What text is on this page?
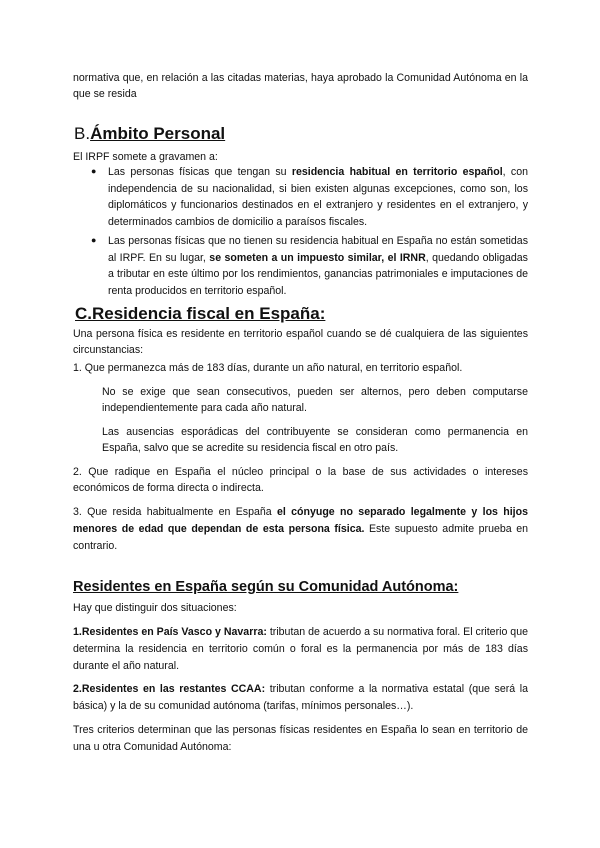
normativa que, en relación a las citadas materias, haya aprobado la Comunidad Autónoma en la que se resida

B.Ámbito Personal

El IRPF somete a gravamen a:

● Las personas físicas que tengan su residencia habitual en territorio español, con independencia de su nacionalidad, si bien existen algunas excepciones, como son, los diplomáticos y funcionarios destinados en el extranjero y residentes en el extranjero, y determinados cambios de domicilio a paraísos fiscales.

● Las personas físicas que no tienen su residencia habitual en España no están sometidas al IRPF. En su lugar, se someten a un impuesto similar, el IRNR, quedando obligadas a tributar en este último por los rendimientos, ganancias patrimoniales e imputaciones de renta producidos en territorio español.

C.Residencia fiscal en España:

Una persona física es residente en territorio español cuando se dé cualquiera de las siguientes circunstancias:

1. Que permanezca más de 183 días, durante un año natural, en territorio español.

No se exige que sean consecutivos, pueden ser alternos, pero deben computarse independientemente para cada año natural.

Las ausencias esporádicas del contribuyente se consideran como permanencia en España, salvo que se acredite su residencia fiscal en otro país.

2. Que radique en España el núcleo principal o la base de sus actividades o intereses económicos de forma directa o indirecta.

3. Que resida habitualmente en España el cónyuge no separado legalmente y los hijos menores de edad que dependan de esta persona física. Este supuesto admite prueba en contrario.

Residentes en España según su Comunidad Autónoma:

Hay que distinguir dos situaciones:

1.Residentes en País Vasco y Navarra: tributan de acuerdo a su normativa foral. El criterio que determina la residencia en territorio común o foral es la permanencia por más de 183 días durante el año natural.

2.Residentes en las restantes CCAA: tributan conforme a la normativa estatal (que será la básica) y la de su comunidad autónoma (tarifas, mínimos personales…).

Tres criterios determinan que las personas físicas residentes en España lo sean en territorio de una u otra Comunidad Autónoma:
